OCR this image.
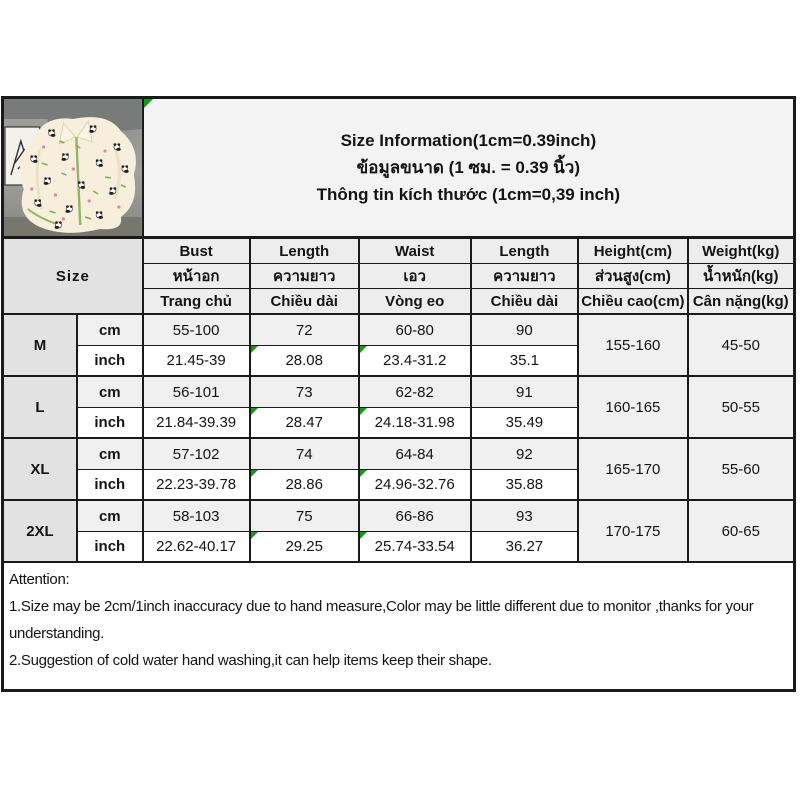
Size Information(1cm=0.39inch)
ข้อมูลขนาด (1 ซม. = 0.39 นิ้ว)
Thông tin kích thước (1cm=0,39 inch)					

Size		Bust	Length	Waist	Length	Height(cm)	Weight(kg)
		หน้าอก	ความยาว	เอว	ความยาว	ส่วนสูง(cm)	น้ำหนัก(kg)
		Trang chủ	Chiều dài	Vòng eo	Chiều dài	Chiều cao(cm)	Cân nặng(kg)
M	cm	55-100	72	60-80	90	155-160	45-50
	inch	21.45-39	28.08	23.4-31.2	35.1		
L	cm	56-101	73	62-82	91	160-165	50-55
	inch	21.84-39.39	28.47	24.18-31.98	35.49		
XL	cm	57-102	74	64-84	92	165-170	55-60
	inch	22.23-39.78	28.86	24.96-32.76	35.88		
2XL	cm	58-103	75	66-86	93	170-175	60-65
	inch	22.62-40.17	29.25	25.74-33.54	36.27		

Attention:
1.Size may be 2cm/1inch inaccuracy due to hand measure,Color may be little different due to monitor ,thanks for your understanding.
2.Suggestion of cold water hand washing,it can help items keep their shape.							
